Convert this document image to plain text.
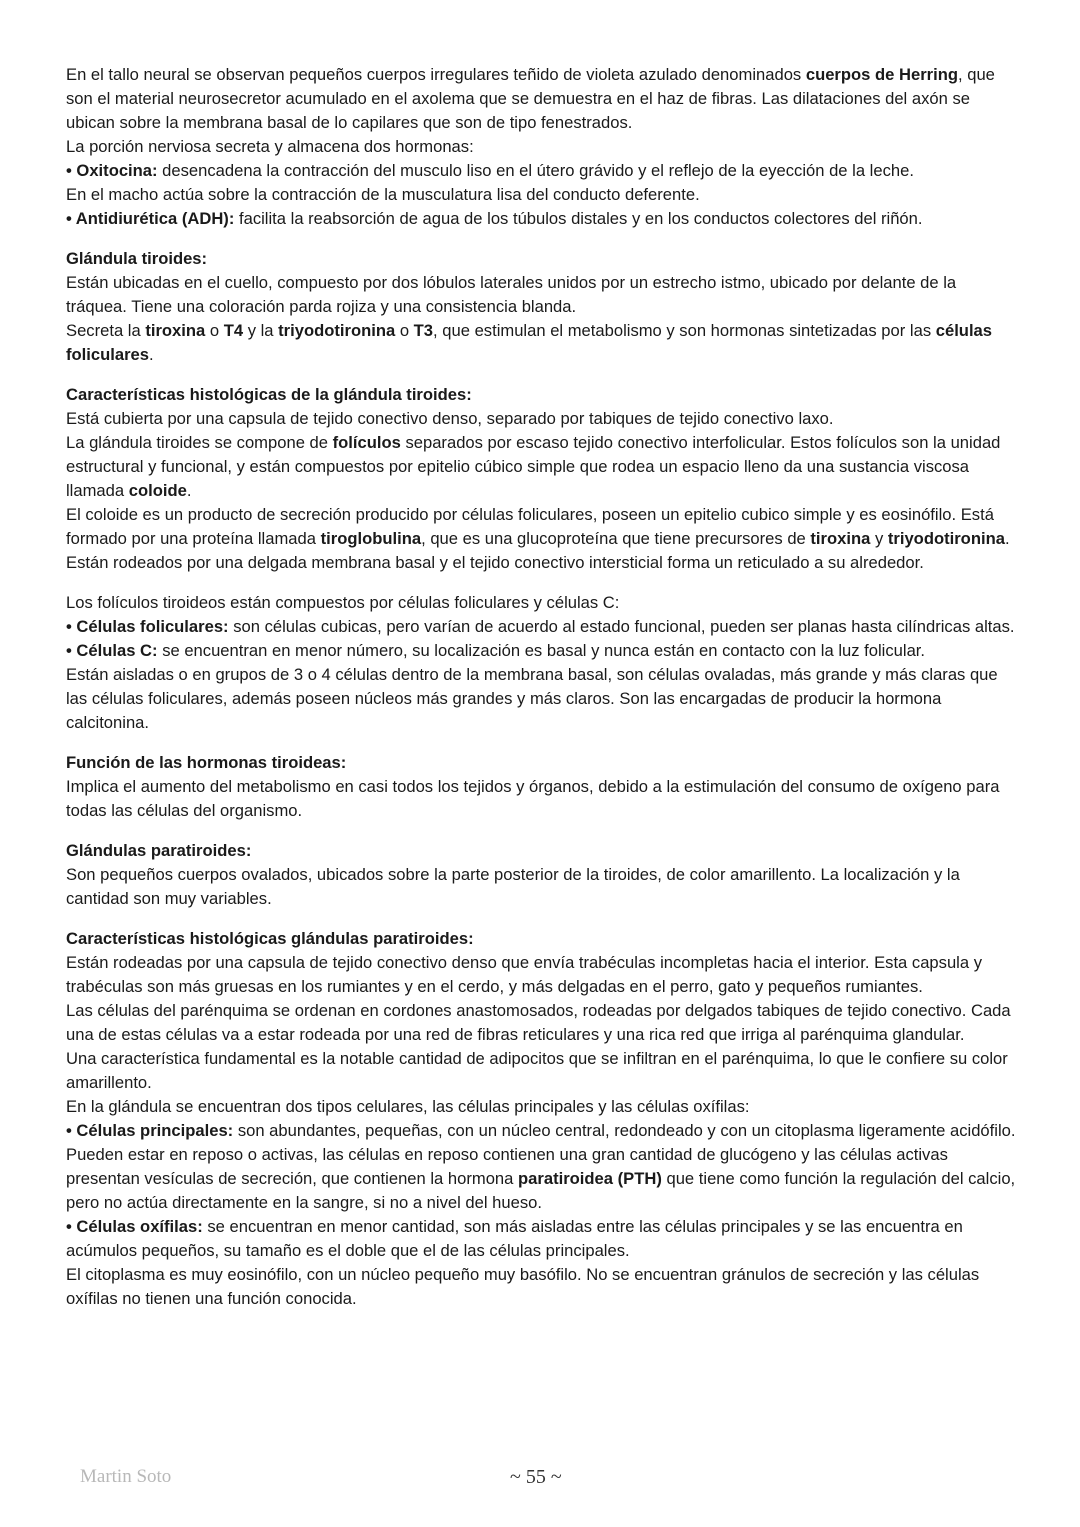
En el tallo neural se observan pequeños cuerpos irregulares teñido de violeta azulado denominados cuerpos de Herring, que son el material neurosecretor acumulado en el axolema que se demuestra en el haz de fibras. Las dilataciones del axón se ubican sobre la membrana basal de lo capilares que son de tipo fenestrados.

La porción nerviosa secreta y almacena dos hormonas:

• Oxitocina: desencadena la contracción del musculo liso en el útero grávido y el reflejo de la eyección de la leche.

En el macho actúa sobre la contracción de la musculatura lisa del conducto deferente.

• Antidiurética (ADH): facilita la reabsorción de agua de los túbulos distales y en los conductos colectores del riñón.

Glándula tiroides:

Están ubicadas en el cuello, compuesto por dos lóbulos laterales unidos por un estrecho istmo, ubicado por delante de la tráquea. Tiene una coloración parda rojiza y una consistencia blanda.

Secreta la tiroxina o T4 y la triyodotironina o T3, que estimulan el metabolismo y son hormonas sintetizadas por las células foliculares.

Características histológicas de la glándula tiroides:

Está cubierta por una capsula de tejido conectivo denso, separado por tabiques de tejido conectivo laxo.

La glándula tiroides se compone de folículos separados por escaso tejido conectivo interfolicular. Estos folículos son la unidad estructural y funcional, y están compuestos por epitelio cúbico simple que rodea un espacio lleno da una sustancia viscosa llamada coloide.

El coloide es un producto de secreción producido por células foliculares, poseen un epitelio cubico simple y es eosinófilo. Está formado por una proteína llamada tiroglobulina, que es una glucoproteína que tiene precursores de tiroxina y triyodotironina.

Están rodeados por una delgada membrana basal y el tejido conectivo intersticial forma un reticulado a su alrededor.

Los folículos tiroideos están compuestos por células foliculares y células C:

• Células foliculares: son células cubicas, pero varían de acuerdo al estado funcional, pueden ser planas hasta cilíndricas altas.

• Células C: se encuentran en menor número, su localización es basal y nunca están en contacto con la luz folicular.

Están aisladas o en grupos de 3 o 4 células dentro de la membrana basal, son células ovaladas, más grande y más claras que las células foliculares, además poseen núcleos más grandes y más claros. Son las encargadas de producir la hormona calcitonina.

Función de las hormonas tiroideas:

Implica el aumento del metabolismo en casi todos los tejidos y órganos, debido a la estimulación del consumo de oxígeno para todas las células del organismo.

Glándulas paratiroides:

Son pequeños cuerpos ovalados, ubicados sobre la parte posterior de la tiroides, de color amarillento. La localización y la cantidad son muy variables.

Características histológicas glándulas paratiroides:

Están rodeadas por una capsula de tejido conectivo denso que envía trabéculas incompletas hacia el interior. Esta capsula y trabéculas son más gruesas en los rumiantes y en el cerdo, y más delgadas en el perro, gato y pequeños rumiantes.

Las células del parénquima se ordenan en cordones anastomosados, rodeadas por delgados tabiques de tejido conectivo. Cada una de estas células va a estar rodeada por una red de fibras reticulares y una rica red que irriga al parénquima glandular.

Una característica fundamental es la notable cantidad de adipocitos que se infiltran en el parénquima, lo que le confiere su color amarillento.

En la glándula se encuentran dos tipos celulares, las células principales y las células oxífilas:

• Células principales: son abundantes, pequeñas, con un núcleo central, redondeado y con un citoplasma ligeramente acidófilo.

Pueden estar en reposo o activas, las células en reposo contienen una gran cantidad de glucógeno y las células activas presentan vesículas de secreción, que contienen la hormona paratiroidea (PTH) que tiene como función la regulación del calcio, pero no actúa directamente en la sangre, si no a nivel del hueso.

• Células oxífilas: se encuentran en menor cantidad, son más aisladas entre las células principales y se las encuentra en acúmulos pequeños, su tamaño es el doble que el de las células principales.

El citoplasma es muy eosinófilo, con un núcleo pequeño muy basófilo. No se encuentran gránulos de secreción y las células oxífilas no tienen una función conocida.

Martin Soto	~ 55 ~
